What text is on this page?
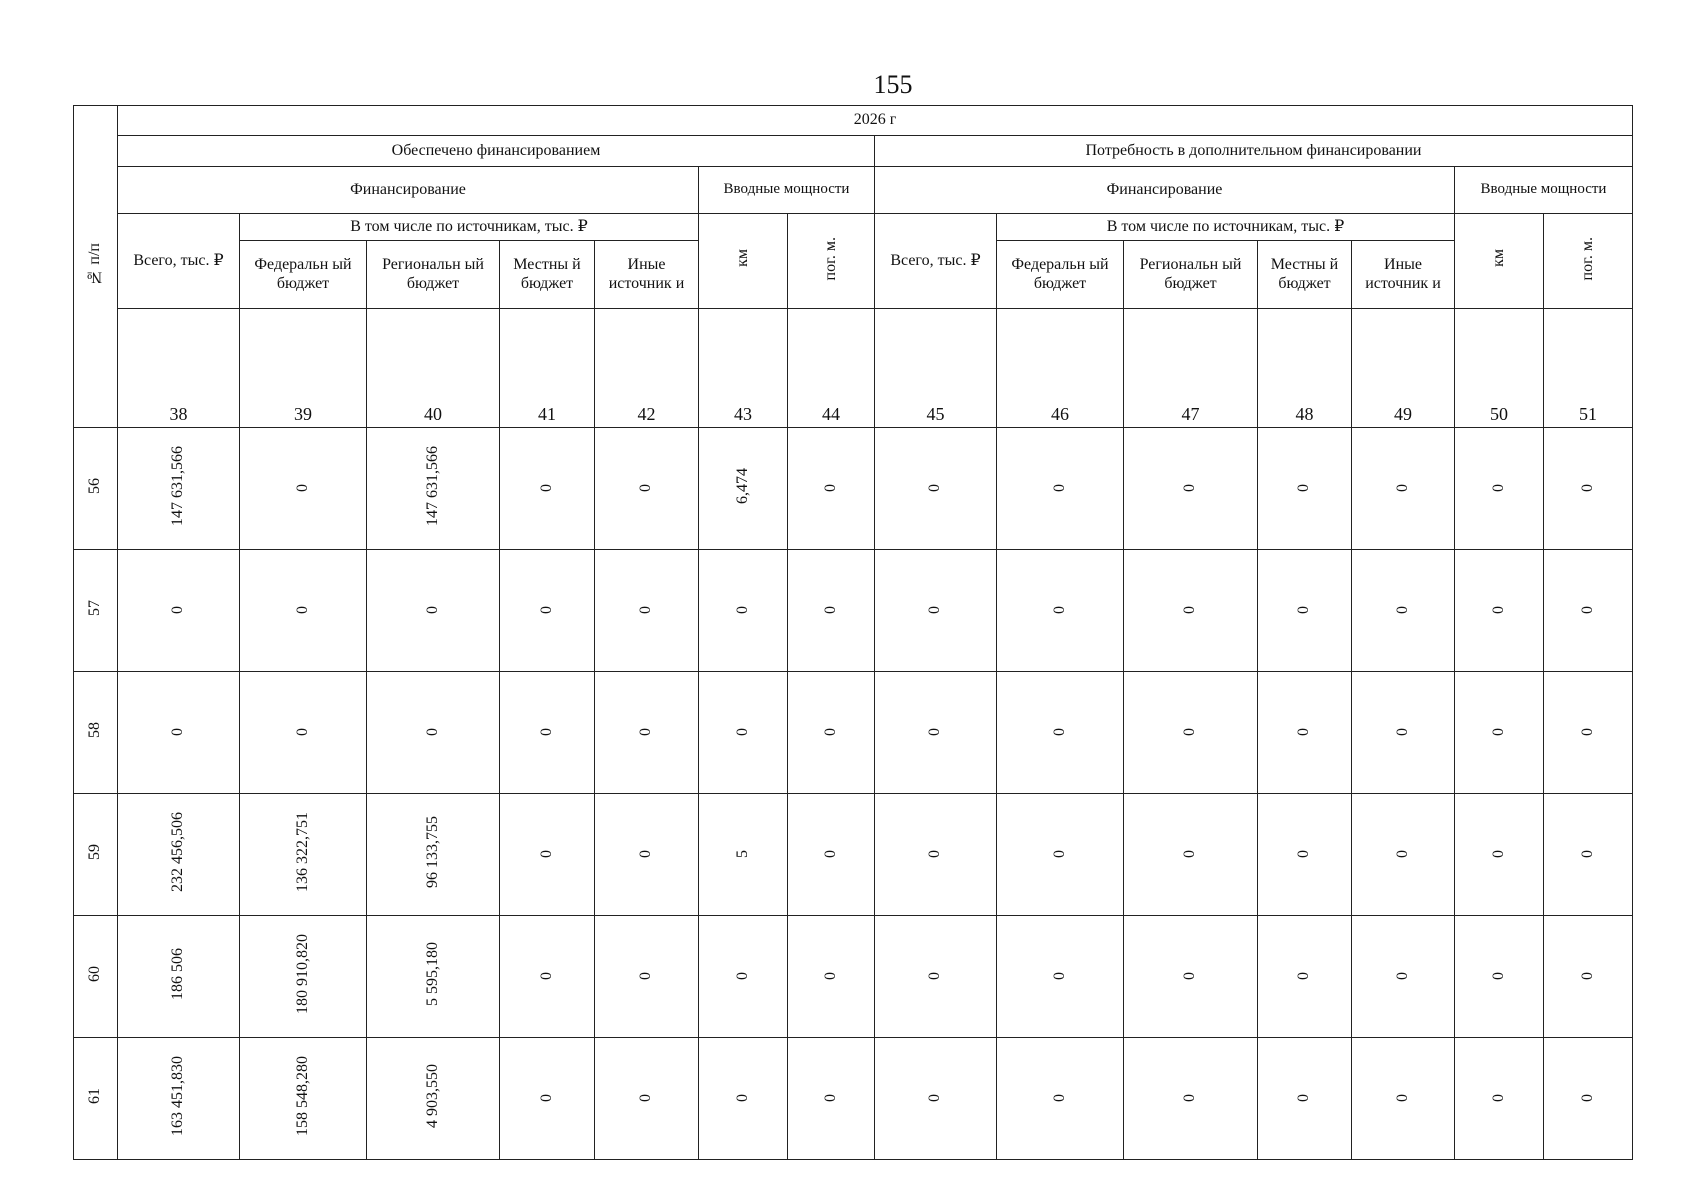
155
№ п/п	2026 г													
	Обеспечено финансированием							Потребность в дополнительном финансировании						
	Финансирование					Вводные мощности		Финансирование					Вводные мощности	
	Всего, тыс. ₽	В том числе по источникам, тыс. ₽				км	пог. м.	Всего, тыс. ₽	В том числе по источникам, тыс. ₽				км	пог. м.
		Федеральн ый бюджет	Региональн ый бюджет	Местны й бюджет	Иные источник и				Федеральн ый бюджет	Региональн ый бюджет	Местны й бюджет	Иные источник и		
	38	39	40	41	42	43	44	45	46	47	48	49	50	51
56	147 631,566	0	147 631,566	0	0	6,474	0	0	0	0	0	0	0	0
57	0	0	0	0	0	0	0	0	0	0	0	0	0	0
58	0	0	0	0	0	0	0	0	0	0	0	0	0	0
59	232 456,506	136 322,751	96 133,755	0	0	5	0	0	0	0	0	0	0	0
60	186 506	180 910,820	5 595,180	0	0	0	0	0	0	0	0	0	0	0
61	163 451,830	158 548,280	4 903,550	0	0	0	0	0	0	0	0	0	0	0
